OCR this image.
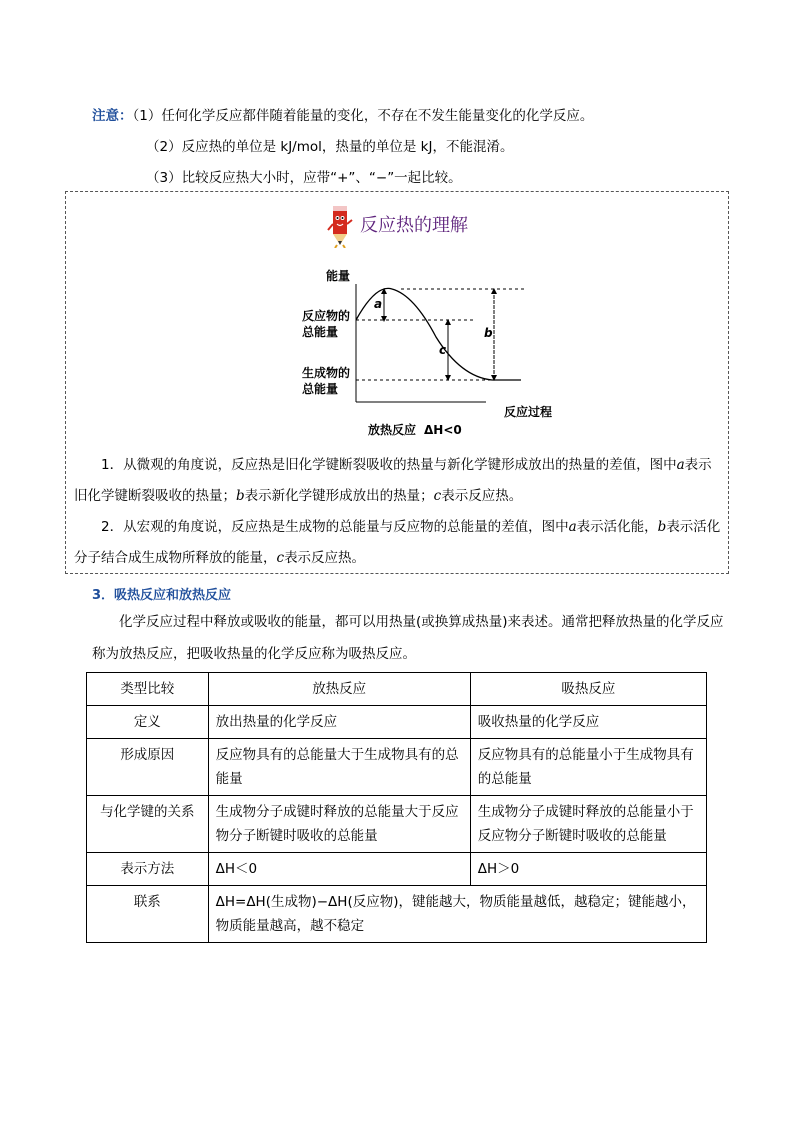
注意：（1）任何化学反应都伴随着能量的变化，不存在不发生能量变化的化学反应。
（2）反应热的单位是 kJ/mol，热量的单位是 kJ，不能混淆。
（3）比较反应热大小时，应带“+”、“−”一起比较。
反应热的理解
能量
反应物的
总能量
生成物的
总能量
反应过程
a
c
b
放热反应 ΔH<0
1．从微观的角度说，反应热是旧化学键断裂吸收的热量与新化学键形成放出的热量的差值，图中a表示旧化学键断裂吸收的热量；b表示新化学键形成放出的热量；c表示反应热。
2．从宏观的角度说，反应热是生成物的总能量与反应物的总能量的差值，图中a表示活化能，b表示活化分子结合成生成物所释放的能量，c表示反应热。
3．吸热反应和放热反应
化学反应过程中释放或吸收的能量，都可以用热量(或换算成热量)来表述。通常把释放热量的化学反应称为放热反应，把吸收热量的化学反应称为吸热反应。
类型比较	放热反应	吸热反应
定义	放出热量的化学反应	吸收热量的化学反应
形成原因	反应物具有的总能量大于生成物具有的总能量	反应物具有的总能量小于生成物具有的总能量
与化学键的关系	生成物分子成键时释放的总能量大于反应物分子断键时吸收的总能量	生成物分子成键时释放的总能量小于反应物分子断键时吸收的总能量
表示方法	ΔH＜0	ΔH＞0
联系	ΔH=ΔH(生成物)−ΔH(反应物)，键能越大，物质能量越低，越稳定；键能越小，物质能量越高，越不稳定	
